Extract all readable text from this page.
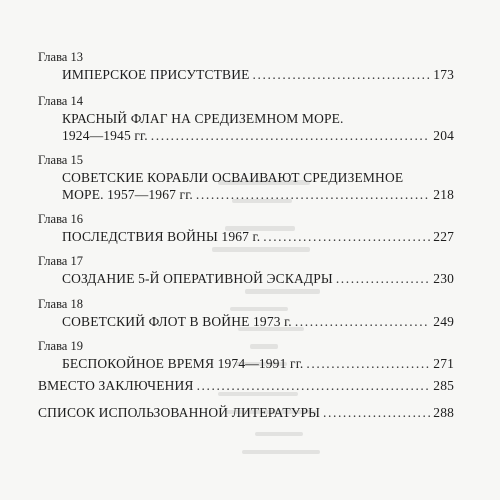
Глава 13
ИМПЕРСКОЕ ПРИСУТСТВИЕ .....	173
Глава 14
КРАСНЫЙ ФЛАГ НА СРЕДИЗЕМНОМ МОРЕ.
1924—1945 гг. .....	204
Глава 15
СОВЕТСКИЕ КОРАБЛИ ОСВАИВАЮТ СРЕДИЗЕМНОЕ
МОРЕ. 1957—1967 гг. .....	218
Глава 16
ПОСЛЕДСТВИЯ ВОЙНЫ 1967 г. .....	227
Глава 17
СОЗДАНИЕ 5-Й ОПЕРАТИВНОЙ ЭСКАДРЫ .....	230
Глава 18
СОВЕТСКИЙ ФЛОТ В ВОЙНЕ 1973 г. .....	249
Глава 19
БЕСПОКОЙНОЕ ВРЕМЯ 1974—1991 гг. .....	271
ВМЕСТО ЗАКЛЮЧЕНИЯ .....	285
СПИСОК ИСПОЛЬЗОВАННОЙ ЛИТЕРАТУРЫ .....	288
